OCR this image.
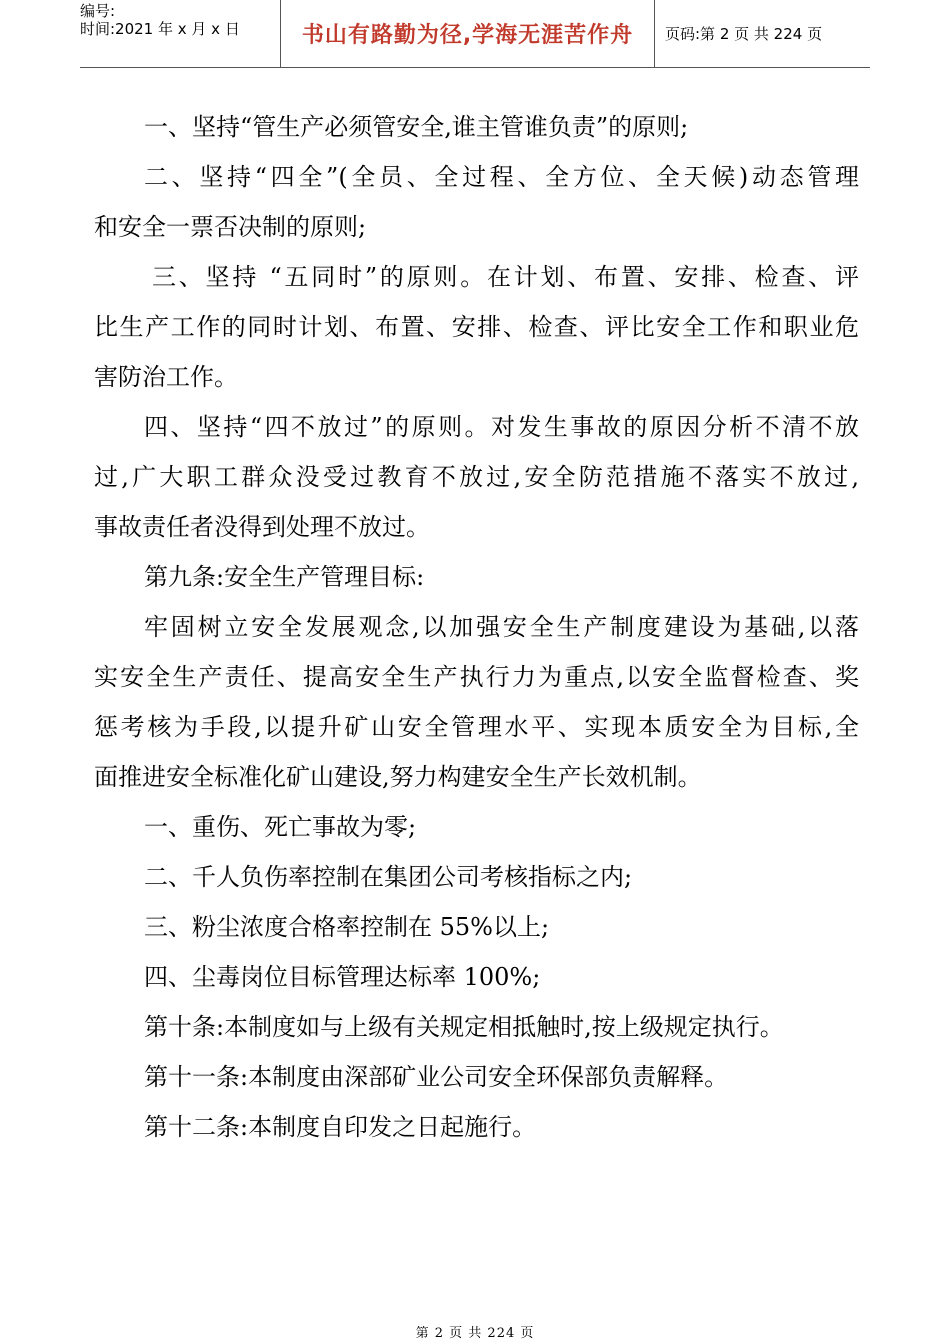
编号:
时间:2021 年 x 月 x 日	书山有路勤为径,学海无涯苦作舟 页码:第 2 页 共 224 页

一、坚持“管生产必须管安全,谁主管谁负责”的原则;

二、坚持“四全”(全员、全过程、全方位、全天候)动态管理
和安全一票否决制的原则;

三、坚持 “五同时”的原则。在计划、布置、安排、检查、评
比生产工作的同时计划、布置、安排、检查、评比安全工作和职业危
害防治工作。

四、坚持“四不放过”的原则。对发生事故的原因分析不清不放
过,广大职工群众没受过教育不放过,安全防范措施不落实不放过,
事故责任者没得到处理不放过。

第九条:安全生产管理目标:

牢固树立安全发展观念,以加强安全生产制度建设为基础,以落
实安全生产责任、提高安全生产执行力为重点,以安全监督检查、奖
惩考核为手段,以提升矿山安全管理水平、实现本质安全为目标,全
面推进安全标准化矿山建设,努力构建安全生产长效机制。

一、重伤、死亡事故为零;

二、千人负伤率控制在集团公司考核指标之内;

三、粉尘浓度合格率控制在 55%以上;

四、尘毒岗位目标管理达标率 100%;

第十条:本制度如与上级有关规定相抵触时,按上级规定执行。

第十一条:本制度由深部矿业公司安全环保部负责解释。

第十二条:本制度自印发之日起施行。

第 2 页 共 224 页
